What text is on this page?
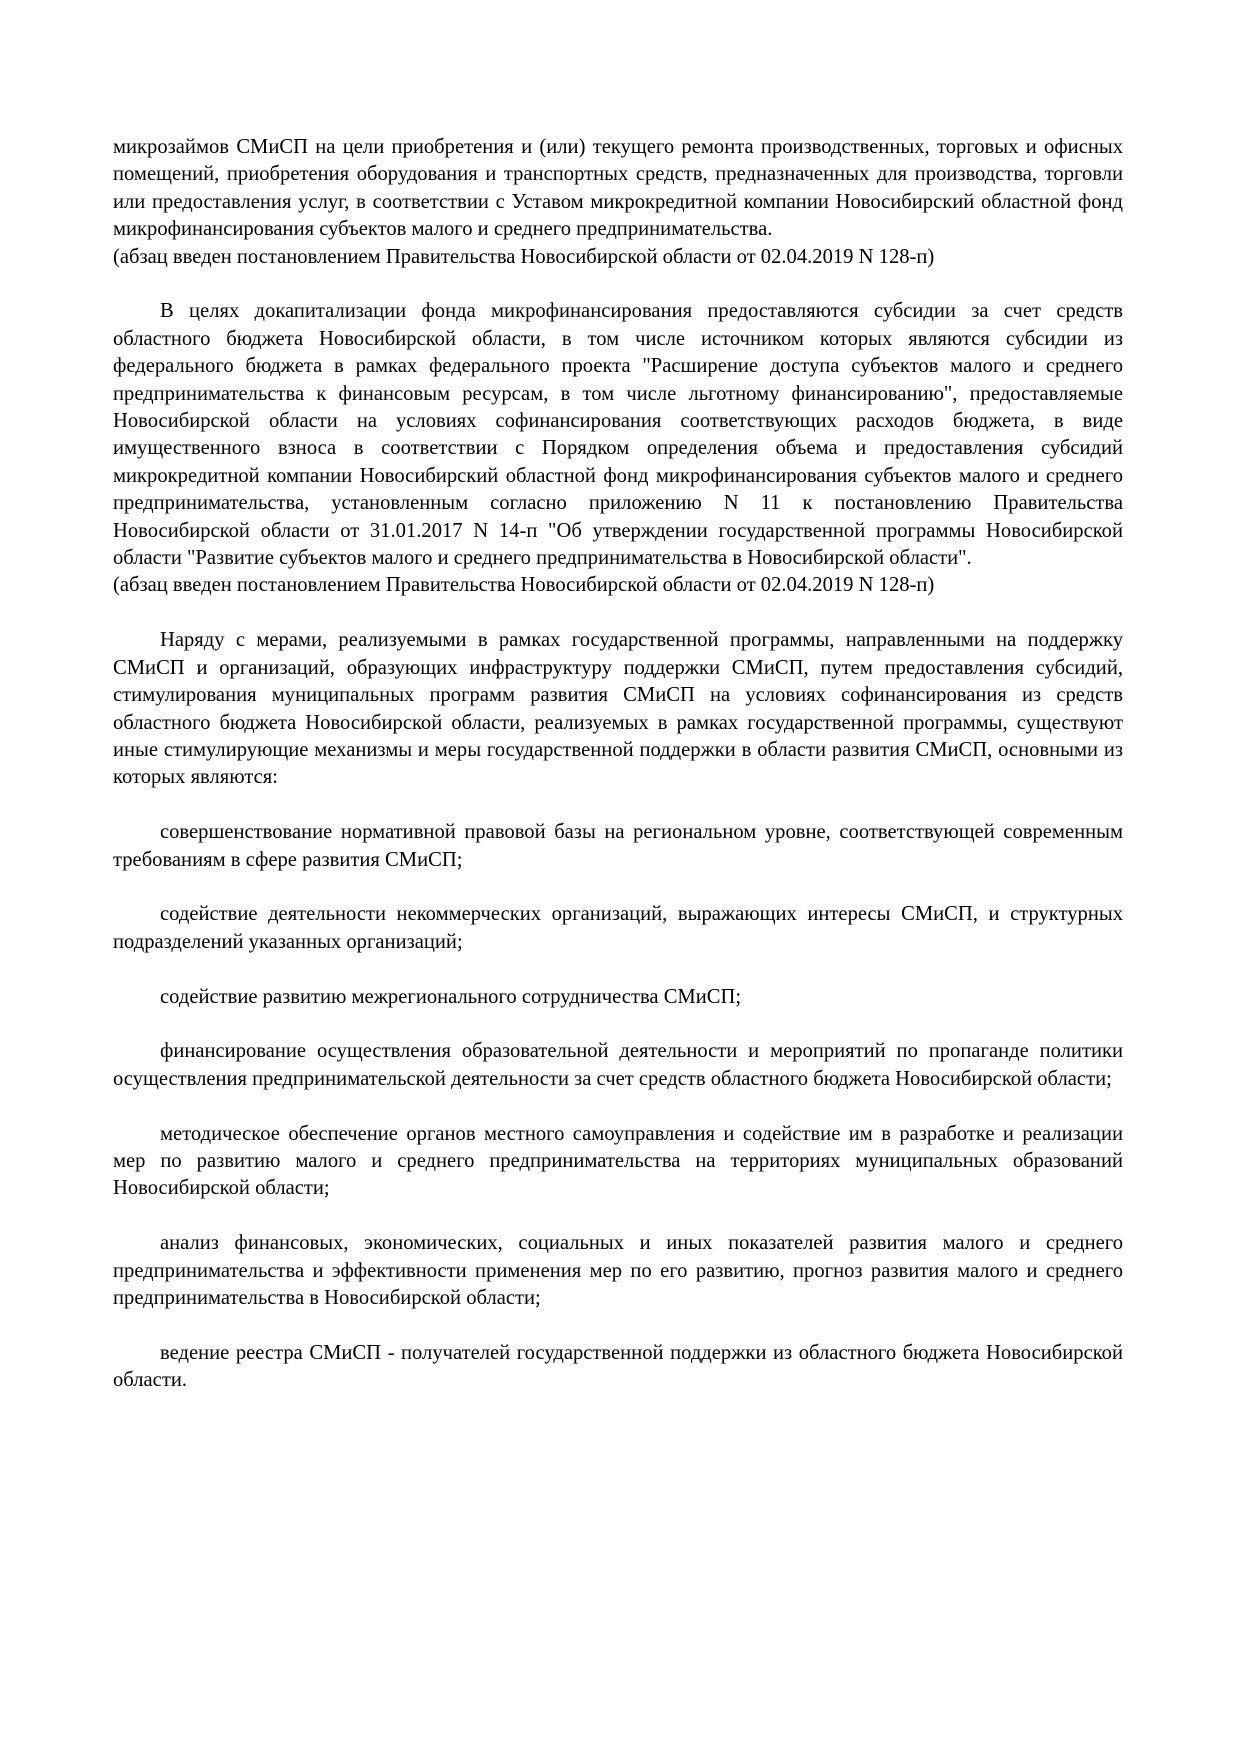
микрозаймов СМиСП на цели приобретения и (или) текущего ремонта производственных, торговых и офисных помещений, приобретения оборудования и транспортных средств, предназначенных для производства, торговли или предоставления услуг, в соответствии с Уставом микрокредитной компании Новосибирский областной фонд микрофинансирования субъектов малого и среднего предпринимательства.

(абзац введен постановлением Правительства Новосибирской области от 02.04.2019 N 128-п)

В целях докапитализации фонда микрофинансирования предоставляются субсидии за счет средств областного бюджета Новосибирской области, в том числе источником которых являются субсидии из федерального бюджета в рамках федерального проекта "Расширение доступа субъектов малого и среднего предпринимательства к финансовым ресурсам, в том числе льготному финансированию", предоставляемые Новосибирской области на условиях софинансирования соответствующих расходов бюджета, в виде имущественного взноса в соответствии с Порядком определения объема и предоставления субсидий микрокредитной компании Новосибирский областной фонд микрофинансирования субъектов малого и среднего предпринимательства, установленным согласно приложению N 11 к постановлению Правительства Новосибирской области от 31.01.2017 N 14-п "Об утверждении государственной программы Новосибирской области "Развитие субъектов малого и среднего предпринимательства в Новосибирской области".

(абзац введен постановлением Правительства Новосибирской области от 02.04.2019 N 128-п)

Наряду с мерами, реализуемыми в рамках государственной программы, направленными на поддержку СМиСП и организаций, образующих инфраструктуру поддержки СМиСП, путем предоставления субсидий, стимулирования муниципальных программ развития СМиСП на условиях софинансирования из средств областного бюджета Новосибирской области, реализуемых в рамках государственной программы, существуют иные стимулирующие механизмы и меры государственной поддержки в области развития СМиСП, основными из которых являются:

совершенствование нормативной правовой базы на региональном уровне, соответствующей современным требованиям в сфере развития СМиСП;

содействие деятельности некоммерческих организаций, выражающих интересы СМиСП, и структурных подразделений указанных организаций;

содействие развитию межрегионального сотрудничества СМиСП;

финансирование осуществления образовательной деятельности и мероприятий по пропаганде политики осуществления предпринимательской деятельности за счет средств областного бюджета Новосибирской области;

методическое обеспечение органов местного самоуправления и содействие им в разработке и реализации мер по развитию малого и среднего предпринимательства на территориях муниципальных образований Новосибирской области;

анализ финансовых, экономических, социальных и иных показателей развития малого и среднего предпринимательства и эффективности применения мер по его развитию, прогноз развития малого и среднего предпринимательства в Новосибирской области;

ведение реестра СМиСП - получателей государственной поддержки из областного бюджета Новосибирской области.
